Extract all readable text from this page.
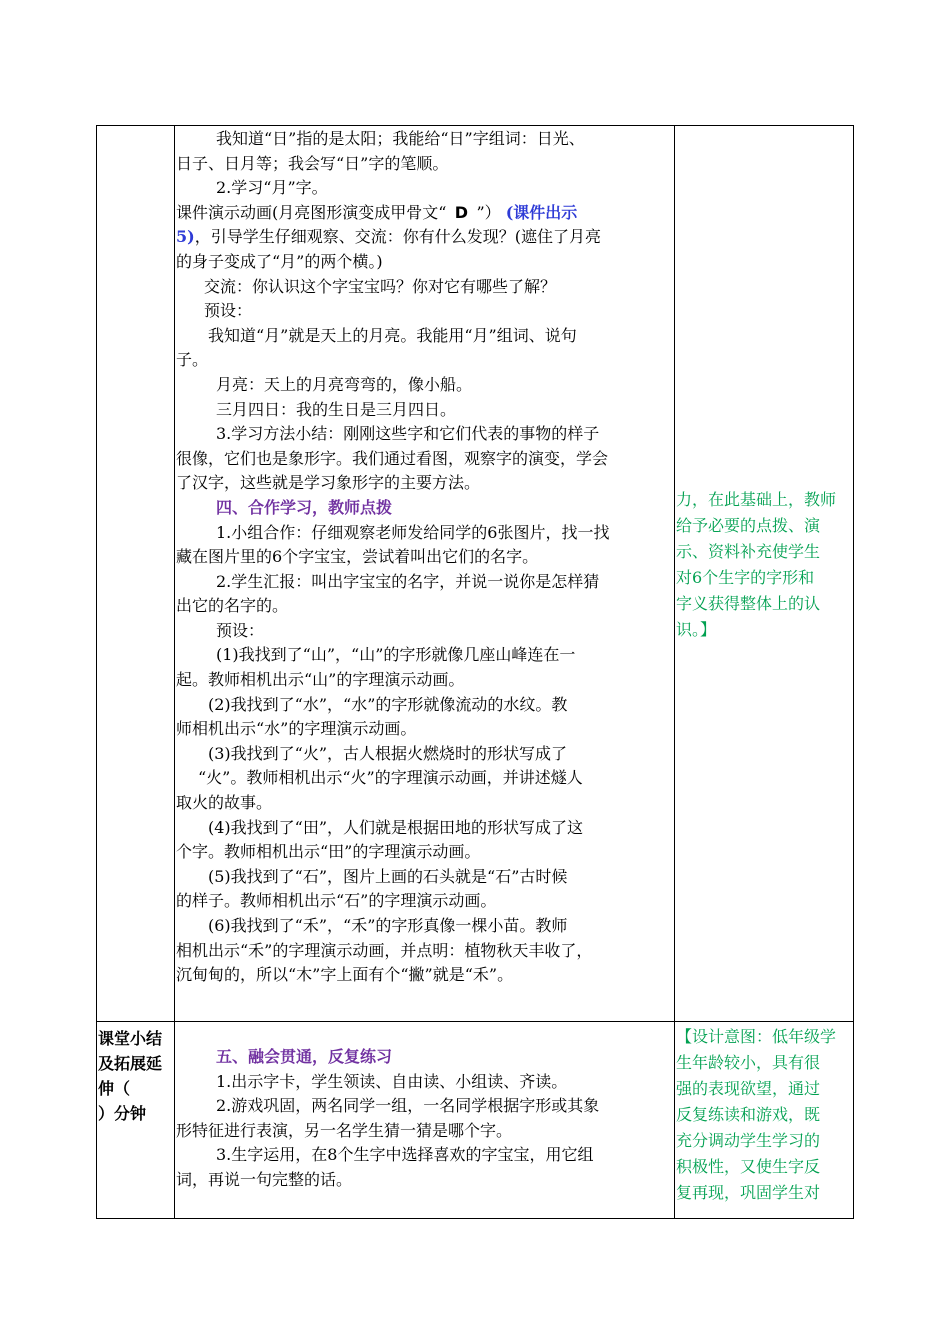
我知道“日”指的是太阳；我能给“日”字组词：日光、

日子、日月等；我会写“日”字的笔顺。

2.学习“月”字。

课件演示动画(月亮图形演变成甲骨文“ D ”） (课件出示

5)，引导学生仔细观察、交流：你有什么发现？(遮住了月亮

的身子变成了“月”的两个横。)

交流：你认识这个字宝宝吗？你对它有哪些了解？

预设：

我知道“月”就是天上的月亮。我能用“月”组词、说句

子。

月亮：天上的月亮弯弯的，像小船。

三月四日：我的生日是三月四日。

3.学习方法小结：刚刚这些字和它们代表的事物的样子

很像，它们也是象形字。我们通过看图，观察字的演变，学会

了汉字，这些就是学习象形字的主要方法。

四、合作学习，教师点拨

1.小组合作：仔细观察老师发给同学的6张图片，找一找

藏在图片里的6个字宝宝，尝试着叫出它们的名字。

2.学生汇报：叫出字宝宝的名字，并说一说你是怎样猜

出它的名字的。

预设：

(1)我找到了“山”，“山”的字形就像几座山峰连在一

起。教师相机出示“山”的字理演示动画。

(2)我找到了“水”，“水”的字形就像流动的水纹。教

师相机出示“水”的字理演示动画。

(3)我找到了“火”，古人根据火燃烧时的形状写成了

“火”。教师相机出示“火”的字理演示动画，并讲述燧人

取火的故事。

(4)我找到了“田”，人们就是根据田地的形状写成了这

个字。教师相机出示“田”的字理演示动画。

(5)我找到了“石”，图片上画的石头就是“石”古时候

的样子。教师相机出示“石”的字理演示动画。

(6)我找到了“禾”，“禾”的字形真像一棵小苗。教师

相机出示“禾”的字理演示动画，并点明：植物秋天丰收了，

沉甸甸的，所以“木”字上面有个“撇”就是“禾”。

力，在此基础上，教师

给予必要的点拨、演

示、资料补充使学生

对6个生字的字形和

字义获得整体上的认

识。】

课堂小结

及拓展延

伸（

）分钟

五、融会贯通，反复练习

1.出示字卡，学生领读、自由读、小组读、齐读。

2.游戏巩固，两名同学一组，一名同学根据字形或其象

形特征进行表演，另一名学生猜一猜是哪个字。

3.生字运用，在8个生字中选择喜欢的字宝宝，用它组

词，再说一句完整的话。

【设计意图：低年级学

生年龄较小，具有很

强的表现欲望，通过

反复练读和游戏，既

充分调动学生学习的

积极性，又使生字反

复再现，巩固学生对
